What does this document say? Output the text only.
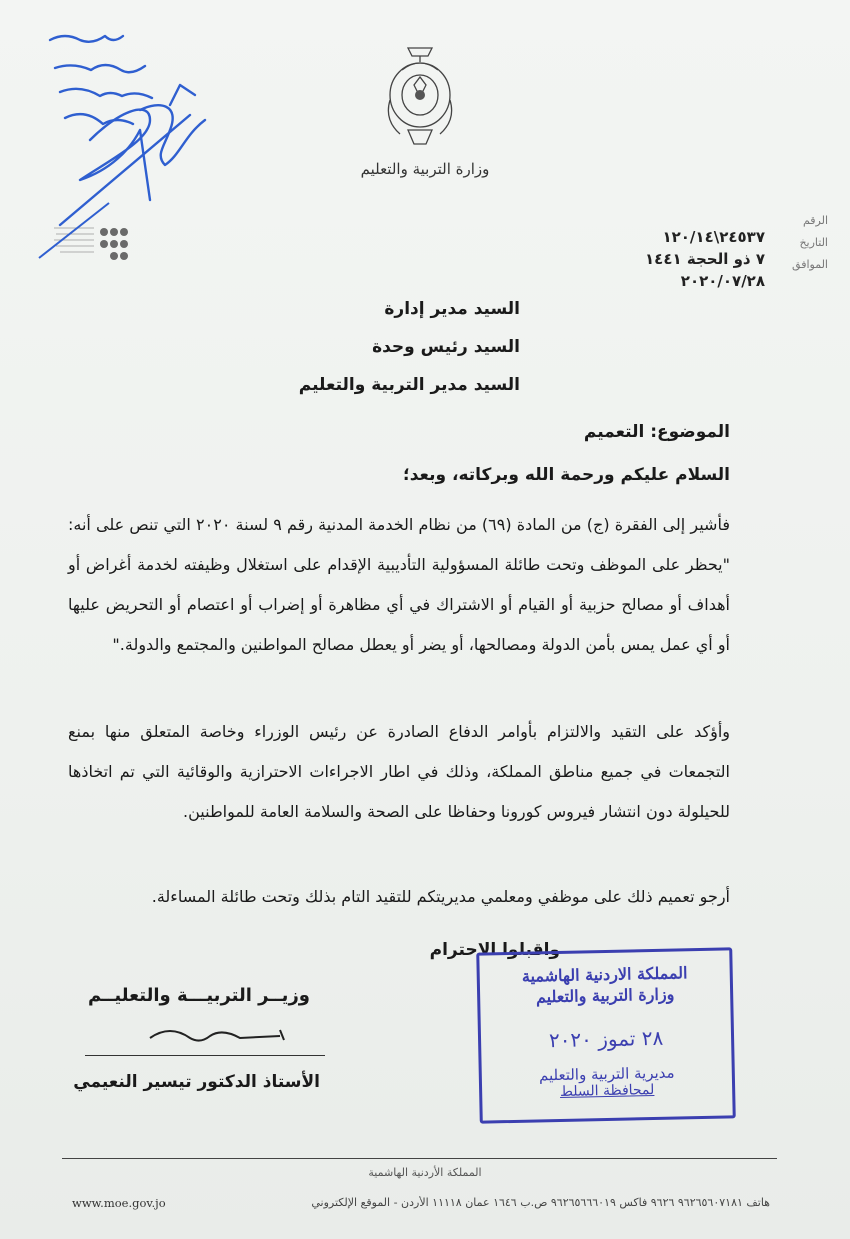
وزارة التربية والتعليم
الرقم
التاريخ
الموافق
٢٤٥٣٧\١٢٠/١٤
٧ ذو الحجة ١٤٤١
٢٠٢٠/٠٧/٢٨
السيد مدير إدارة
السيد رئيس وحدة
السيد مدير التربية والتعليم
الموضوع: التعميم
السلام عليكم ورحمة الله وبركاته، وبعد؛
فأشير إلى الفقرة (ج) من المادة (٦٩) من نظام الخدمة المدنية رقم ٩ لسنة ٢٠٢٠ التي تنص على أنه: "يحظر على الموظف وتحت طائلة المسؤولية التأديبية الإقدام على استغلال وظيفته لخدمة أغراض أو أهداف أو مصالح حزبية أو القيام أو الاشتراك في أي مظاهرة أو إضراب أو اعتصام أو التحريض عليها أو أي عمل يمس بأمن الدولة ومصالحها، أو يضر أو يعطل مصالح المواطنين والمجتمع والدولة."
وأؤكد على التقيد والالتزام بأوامر الدفاع الصادرة عن رئيس الوزراء وخاصة المتعلق منها بمنع التجمعات في جميع مناطق المملكة، وذلك في اطار الاجراءات الاحترازية والوقائية التي تم اتخاذها للحيلولة دون انتشار فيروس كورونا وحفاظا على الصحة والسلامة العامة للمواطنين.
أرجو تعميم ذلك على موظفي ومعلمي مديريتكم للتقيد التام بذلك وتحت طائلة المساءلة.
واقبلوا الاحترام
وزيــر التربيـــة والتعليــم
الأستاذ الدكتور تيسير النعيمي
المملكة الاردنية الهاشمية
وزارة التربية والتعليم
٢٨ تموز ٢٠٢٠
مديرية التربية والتعليم
لمحافظة السلط
المملكة الأردنية الهاشمية
هاتف ٩٦٢٦٥٦٠٧١٨١ ٩٦٢٦ فاكس ٩٦٢٦٥٦٦٦٠١٩ ص.ب ١٦٤٦ عمان ١١١١٨ الأردن - الموقع الإلكتروني
www.moe.gov.jo
